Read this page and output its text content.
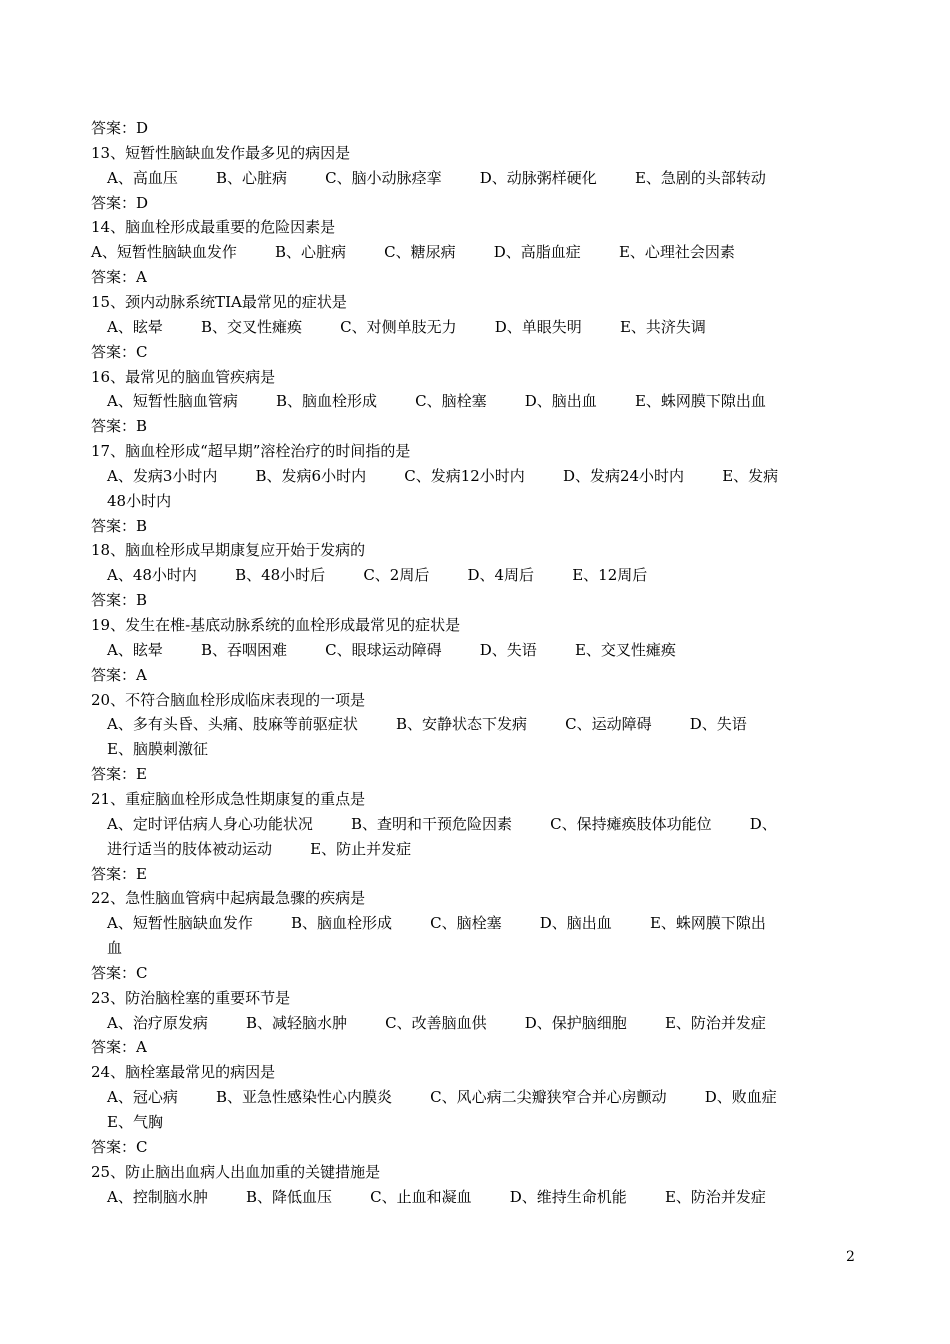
答案：D
13、短暂性脑缺血发作最多见的病因是
A、高血压        B、心脏病        C、脑小动脉痉挛        D、动脉粥样硬化        E、急剧的头部转动
答案：D
14、脑血栓形成最重要的危险因素是
A、短暂性脑缺血发作        B、心脏病        C、糖尿病        D、高脂血症        E、心理社会因素
答案：A
15、颈内动脉系统TIA最常见的症状是
A、眩晕        B、交叉性瘫痪        C、对侧单肢无力        D、单眼失明        E、共济失调
答案：C
16、最常见的脑血管疾病是
A、短暂性脑血管病        B、脑血栓形成        C、脑栓塞        D、脑出血        E、蛛网膜下隙出血
答案：B
17、脑血栓形成“超早期”溶栓治疗的时间指的是
A、发病3小时内        B、发病6小时内        C、发病12小时内        D、发病24小时内        E、发病
48小时内
答案：B
18、脑血栓形成早期康复应开始于发病的
A、48小时内        B、48小时后        C、2周后        D、4周后        E、12周后
答案：B
19、发生在椎-基底动脉系统的血栓形成最常见的症状是
A、眩晕        B、吞咽困难        C、眼球运动障碍        D、失语        E、交叉性瘫痪
答案：A
20、不符合脑血栓形成临床表现的一项是
A、多有头昏、头痛、肢麻等前驱症状        B、安静状态下发病        C、运动障碍        D、失语
E、脑膜刺激征
答案：E
21、重症脑血栓形成急性期康复的重点是
A、定时评估病人身心功能状况        B、查明和干预危险因素        C、保持瘫痪肢体功能位        D、
进行适当的肢体被动运动        E、防止并发症
答案：E
22、急性脑血管病中起病最急骤的疾病是
A、短暂性脑缺血发作        B、脑血栓形成        C、脑栓塞        D、脑出血        E、蛛网膜下隙出
血
答案：C
23、防治脑栓塞的重要环节是
A、治疗原发病        B、减轻脑水肿        C、改善脑血供        D、保护脑细胞        E、防治并发症
答案：A
24、脑栓塞最常见的病因是
A、冠心病        B、亚急性感染性心内膜炎        C、风心病二尖瓣狭窄合并心房颤动        D、败血症
E、气胸
答案：C
25、防止脑出血病人出血加重的关键措施是
A、控制脑水肿        B、降低血压        C、止血和凝血        D、维持生命机能        E、防治并发症
2
